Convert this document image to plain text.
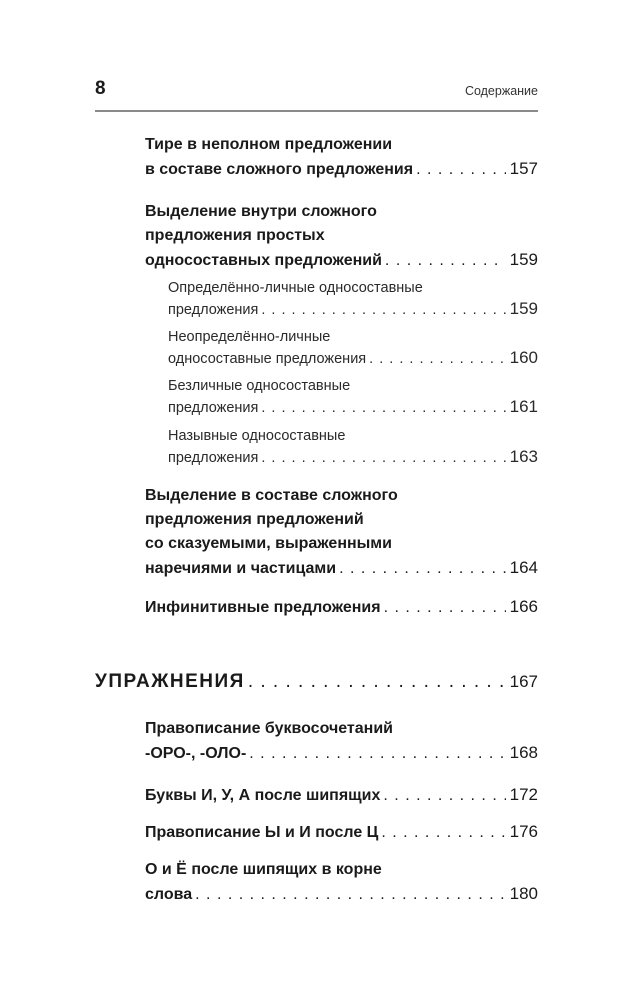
8	Содержание
Тире в неполном предложении
в составе сложного предложения . . .	157
Выделение внутри сложного
предложения простых
односоставных предложений . . .	159
Определённо-личные односоставные
предложения . . .	159
Неопределённо-личные
односоставные предложения . . .	160
Безличные односоставные
предложения . . .	161
Назывные односоставные
предложения . . .	163
Выделение в составе сложного
предложения предложений
со сказуемыми, выраженными
наречиями и частицами . . .	164
Инфинитивные предложения . . .	166
УПРАЖНЕНИЯ . . .	167
Правописание буквосочетаний
-ОРО-, -ОЛО- . . .	168
Буквы И, У, А после шипящих . . .	172
Правописание Ы и И после Ц . . .	176
О и Ё после шипящих в корне
слова . . .	180
